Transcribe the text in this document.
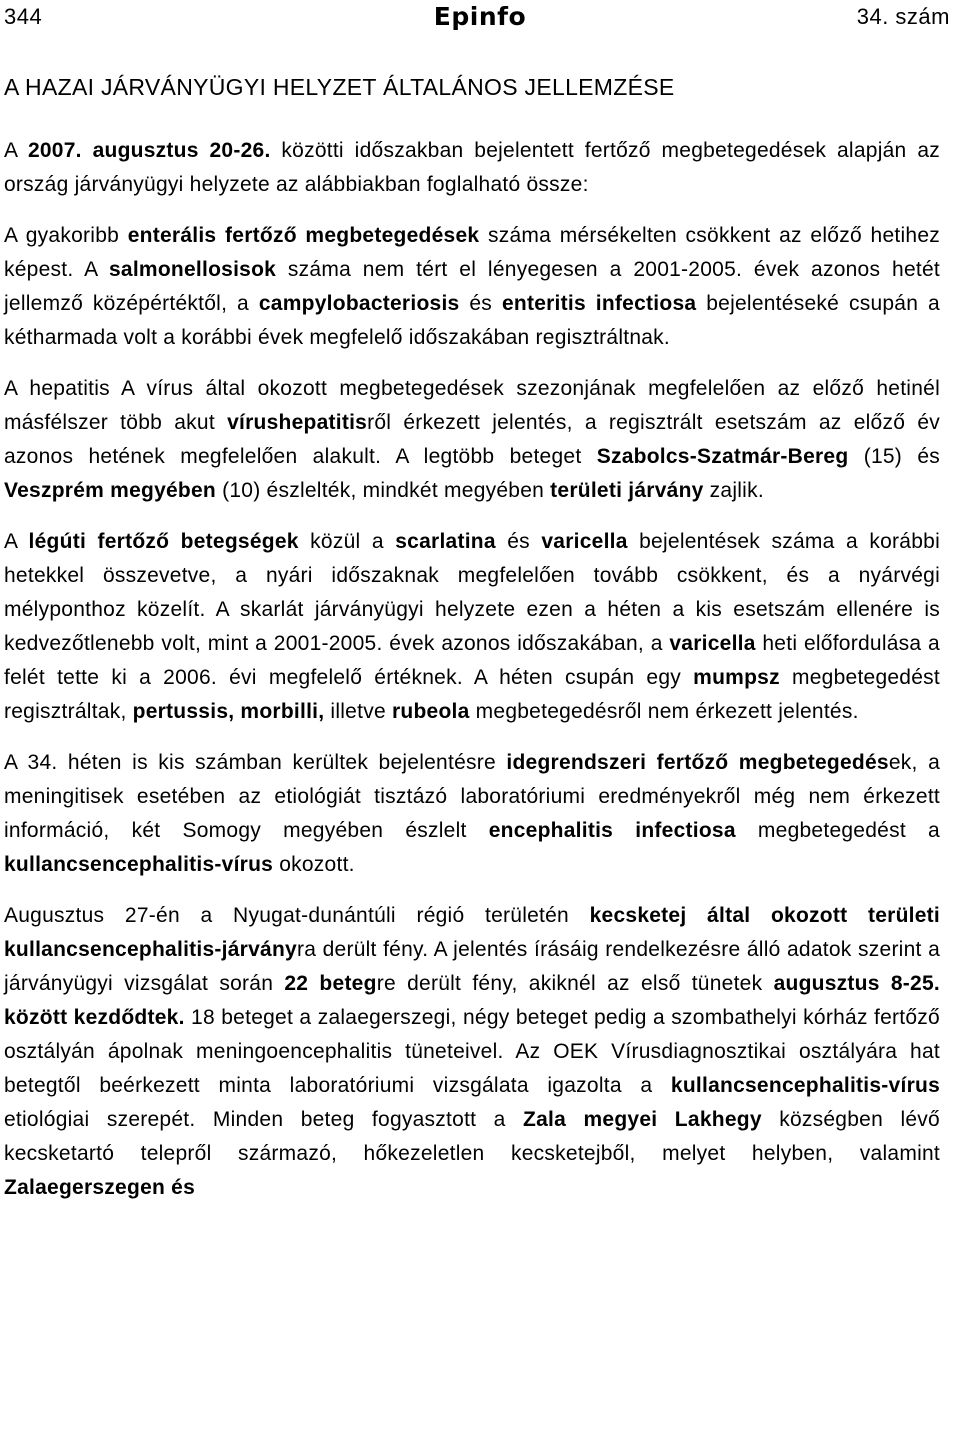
344	Epinfo	34. szám
A HAZAI JÁRVÁNYÜGYI HELYZET ÁLTALÁNOS JELLEMZÉSE

A 2007. augusztus 20-26. közötti időszakban bejelentett fertőző megbetegedések alapján az ország járványügyi helyzete az alábbiakban foglalható össze:

A gyakoribb enterális fertőző megbetegedések száma mérsékelten csökkent az előző hetihez képest. A salmonellosisok száma nem tért el lényegesen a 2001-2005. évek azonos hetét jellemző középértéktől, a campylobacteriosis és enteritis infectiosa bejelentéseké csupán a kétharmada volt a korábbi évek megfelelő időszakában regisztráltnak.

A hepatitis A vírus által okozott megbetegedések szezonjának megfelelően az előző hetinél másfélszer több akut vírushepatitisről érkezett jelentés, a regisztrált esetszám az előző év azonos hetének megfelelően alakult. A legtöbb beteget Szabolcs-Szatmár-Bereg (15) és Veszprém megyében (10) észlelték, mindkét megyében területi járvány zajlik.

A légúti fertőző betegségek közül a scarlatina és varicella bejelentések száma a korábbi hetekkel összevetve, a nyári időszaknak megfelelően tovább csökkent, és a nyárvégi mélyponthoz közelít. A skarlát járványügyi helyzete ezen a héten a kis esetszám ellenére is kedvezőtlenebb volt, mint a 2001-2005. évek azonos időszakában, a varicella heti előfordulása a felét tette ki a 2006. évi megfelelő értéknek. A héten csupán egy mumpsz megbetegedést regisztráltak, pertussis, morbilli, illetve rubeola megbetegedésről nem érkezett jelentés.

A 34. héten is kis számban kerültek bejelentésre idegrendszeri fertőző megbetegedések, a meningitisek esetében az etiológiát tisztázó laboratóriumi eredményekről még nem érkezett információ, két Somogy megyében észlelt encephalitis infectiosa megbetegedést a kullancsencephalitis-vírus okozott.

Augusztus 27-én a Nyugat-dunántúli régió területén kecsketej által okozott területi kullancsencephalitis-járványra derült fény. A jelentés írásáig rendelkezésre álló adatok szerint a járványügyi vizsgálat során 22 betegre derült fény, akiknél az első tünetek augusztus 8-25. között kezdődtek. 18 beteget a zalaegerszegi, négy beteget pedig a szombathelyi kórház fertőző osztályán ápolnak meningoencephalitis tüneteivel. Az OEK Vírusdiagnosztikai osztályára hat betegtől beérkezett minta laboratóriumi vizsgálata igazolta a kullancsencephalitis-vírus etiológiai szerepét. Minden beteg fogyasztott a Zala megyei Lakhegy községben lévő kecsketartó telepről származó, hőkezeletlen kecsketejből, melyet helyben, valamint Zalaegerszegen és
